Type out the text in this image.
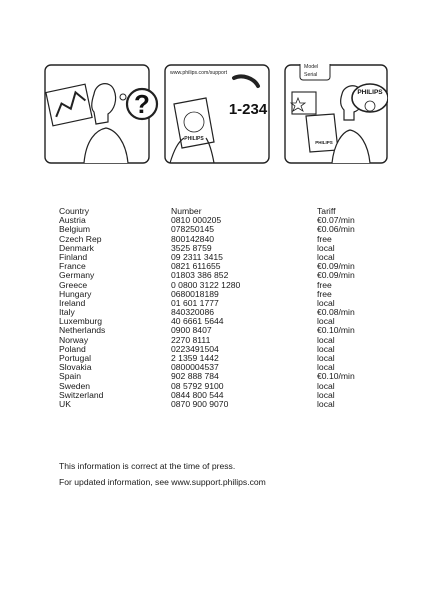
?
www.philips.com/support
PHILIPS
1-234
Model
Serial
PHILIPS
PHILIPS
Country	Number	Tariff
Austria	0810 000205	€0.07/min
Belgium	078250145	€0.06/min
Czech Rep	800142840	free
Denmark	3525 8759	local
Finland	09 2311 3415	local
France	0821 611655	€0.09/min
Germany	01803 386 852	€0.09/min
Greece	0 0800 3122 1280	free
Hungary	0680018189	free
Ireland	01 601 1777	local
Italy	840320086	€0.08/min
Luxemburg	40 6661 5644	local
Netherlands	0900 8407	€0.10/min
Norway	2270 8111	local
Poland	0223491504	local
Portugal	2 1359 1442	local
Slovakia	0800004537	local
Spain	902 888 784	€0.10/min
Sweden	08 5792 9100	local
Switzerland	0844 800 544	local
UK	0870 900 9070	local
This information is correct at the time of press.
For updated information, see www.support.philips.com
